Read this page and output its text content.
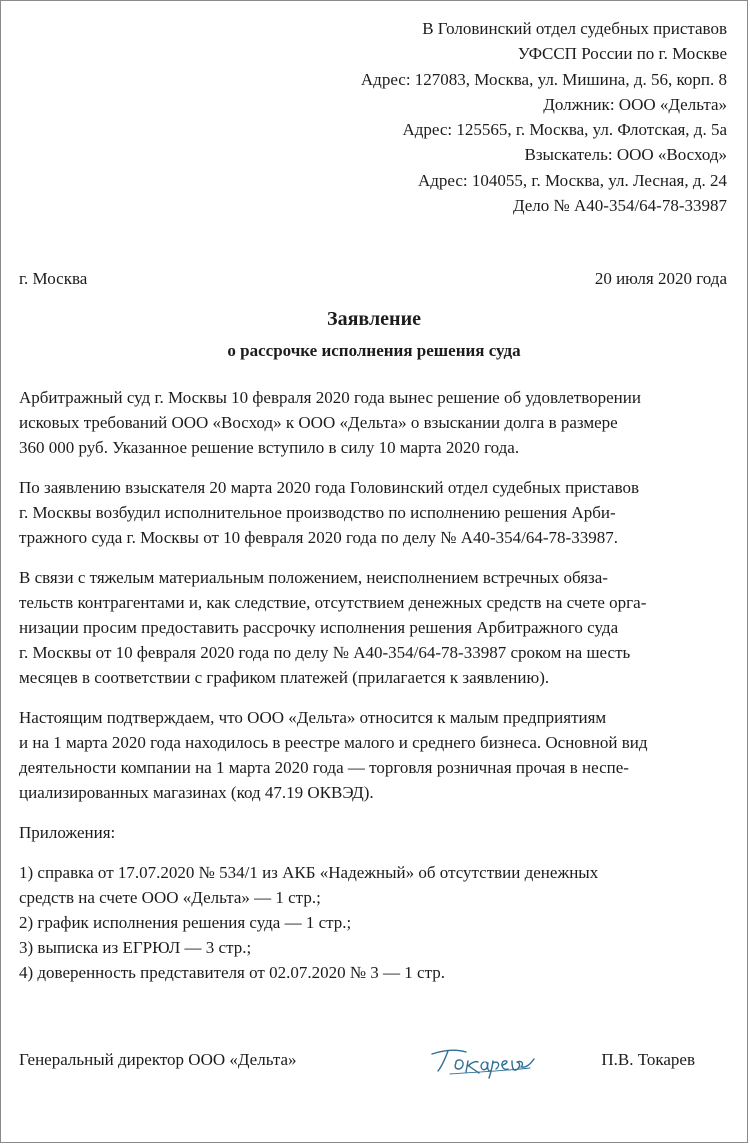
В Головинский отдел судебных приставов
УФССП России по г. Москве
Адрес: 127083, Москва, ул. Мишина, д. 56, корп. 8
Должник: ООО «Дельта»
Адрес: 125565, г. Москва, ул. Флотская, д. 5а
Взыскатель: ООО «Восход»
Адрес: 104055, г. Москва, ул. Лесная, д. 24
Дело № А40-354/64-78-33987
г. Москва	20 июля 2020 года
Заявление
о рассрочке исполнения решения суда

Арбитражный суд г. Москвы 10 февраля 2020 года вынес решение об удовлетворении
исковых требований ООО «Восход» к ООО «Дельта» о взыскании долга в размере
360 000 руб. Указанное решение вступило в силу 10 марта 2020 года.

По заявлению взыскателя 20 марта 2020 года Головинский отдел судебных приставов
г. Москвы возбудил исполнительное производство по исполнению решения Арби-
тражного суда г. Москвы от 10 февраля 2020 года по делу № А40-354/64-78-33987.

В связи с тяжелым материальным положением, неисполнением встречных обяза-
тельств контрагентами и, как следствие, отсутствием денежных средств на счете орга-
низации просим предоставить рассрочку исполнения решения Арбитражного суда
г. Москвы от 10 февраля 2020 года по делу № А40-354/64-78-33987 сроком на шесть
месяцев в соответствии с графиком платежей (прилагается к заявлению).

Настоящим подтверждаем, что ООО «Дельта» относится к малым предприятиям
и на 1 марта 2020 года находилось в реестре малого и среднего бизнеса. Основной вид
деятельности компании на 1 марта 2020 года — торговля розничная прочая в неспе-
циализированных магазинах (код 47.19 ОКВЭД).

Приложения:
1) справка от 17.07.2020 № 534/1 из АКБ «Надежный» об отсутствии денежных
средств на счете ООО «Дельта» — 1 стр.;
2) график исполнения решения суда — 1 стр.;
3) выписка из ЕГРЮЛ — 3 стр.;
4) доверенность представителя от 02.07.2020 № 3 — 1 стр.
Генеральный директор ООО «Дельта»	П.В. Токарев
